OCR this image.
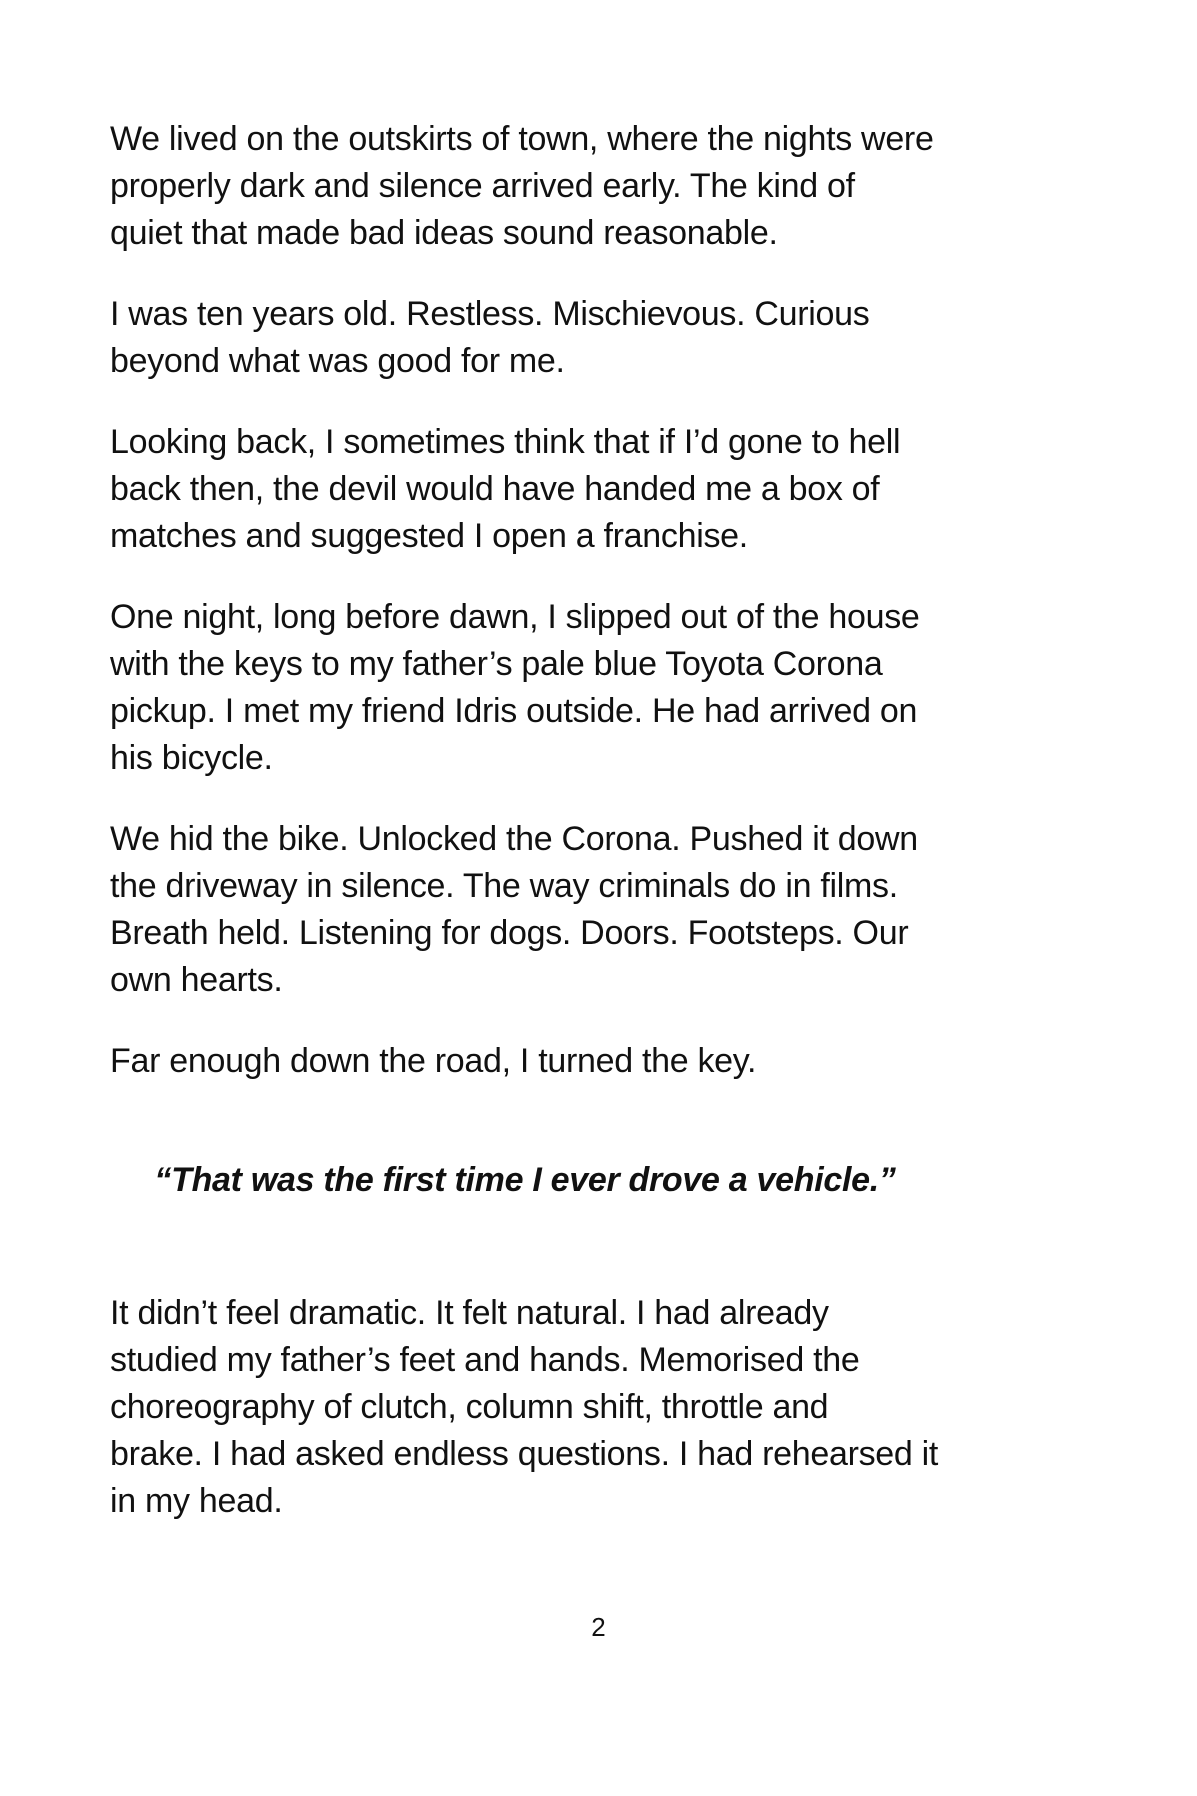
We lived on the outskirts of town, where the nights were
properly dark and silence arrived early. The kind of
quiet that made bad ideas sound reasonable.

I was ten years old. Restless. Mischievous. Curious
beyond what was good for me.

Looking back, I sometimes think that if I’d gone to hell
back then, the devil would have handed me a box of
matches and suggested I open a franchise.

One night, long before dawn, I slipped out of the house
with the keys to my father’s pale blue Toyota Corona
pickup. I met my friend Idris outside. He had arrived on
his bicycle.

We hid the bike. Unlocked the Corona. Pushed it down
the driveway in silence. The way criminals do in films.
Breath held. Listening for dogs. Doors. Footsteps. Our
own hearts.

Far enough down the road, I turned the key.

“That was the first time I ever drove a vehicle.”

It didn’t feel dramatic. It felt natural. I had already
studied my father’s feet and hands. Memorised the
choreography of clutch, column shift, throttle and
brake. I had asked endless questions. I had rehearsed it
in my head.

2
